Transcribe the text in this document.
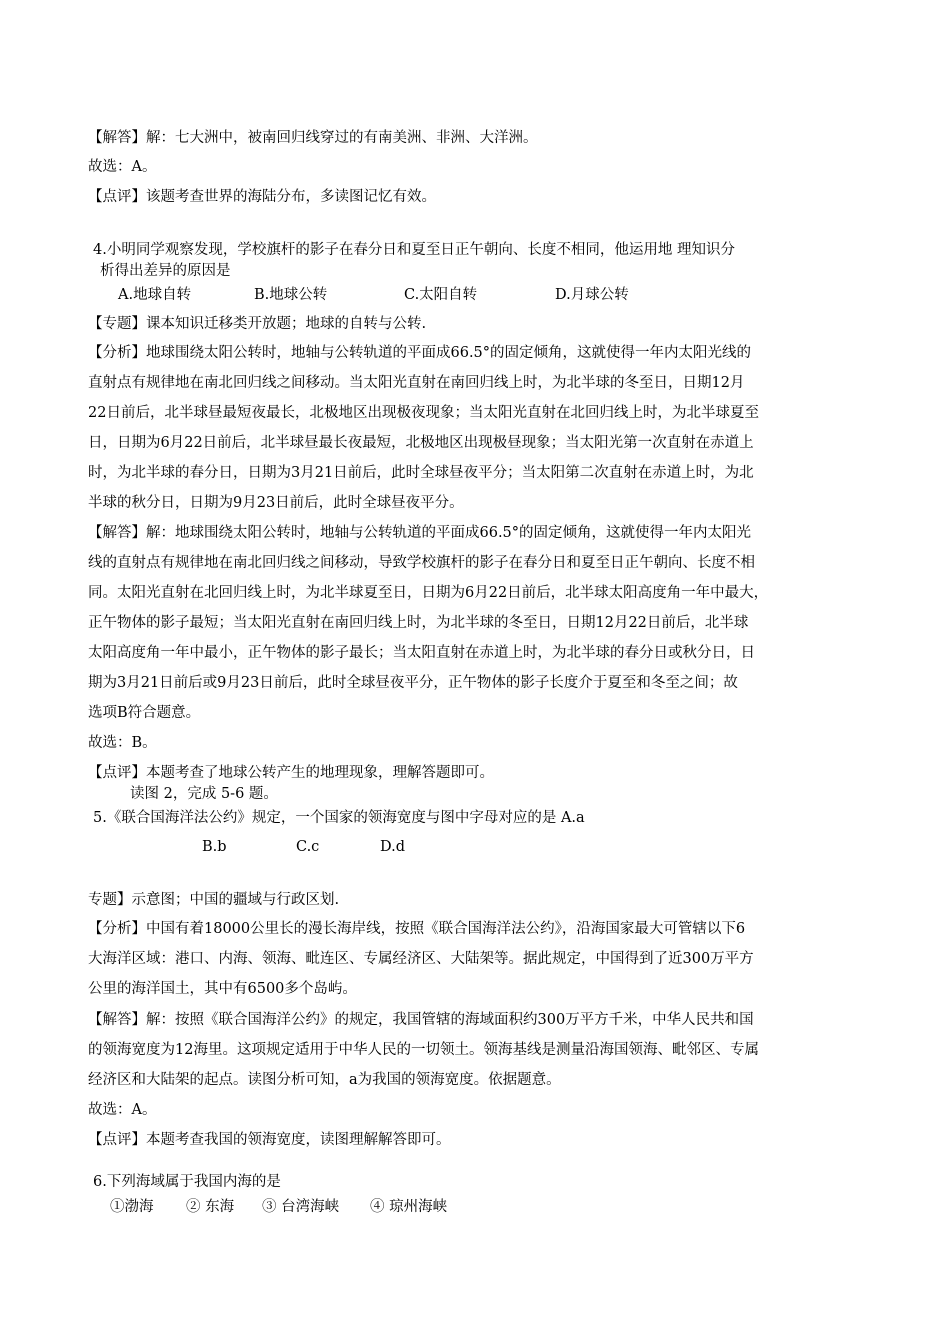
【解答】解：七大洲中，被南回归线穿过的有南美洲、非洲、大洋洲。
故选：A。
【点评】该题考查世界的海陆分布，多读图记忆有效。
4.小明同学观察发现，学校旗杆的影子在春分日和夏至日正午朝向、长度不相同，他运用地 理知识分
析得出差异的原因是
A.地球自转	B.地球公转	C.太阳自转	D.月球公转
【专题】课本知识迁移类开放题；地球的自转与公转.
【分析】地球围绕太阳公转时，地轴与公转轨道的平面成66.5°的固定倾角，这就使得一年内太阳光线的
直射点有规律地在南北回归线之间移动。当太阳光直射在南回归线上时，为北半球的冬至日，日期12月
22日前后，北半球昼最短夜最长，北极地区出现极夜现象；当太阳光直射在北回归线上时，为北半球夏至
日，日期为6月22日前后，北半球昼最长夜最短，北极地区出现极昼现象；当太阳光第一次直射在赤道上
时，为北半球的春分日，日期为3月21日前后，此时全球昼夜平分；当太阳第二次直射在赤道上时，为北
半球的秋分日，日期为9月23日前后，此时全球昼夜平分。
【解答】解：地球围绕太阳公转时，地轴与公转轨道的平面成66.5°的固定倾角，这就使得一年内太阳光
线的直射点有规律地在南北回归线之间移动，导致学校旗杆的影子在春分日和夏至日正午朝向、长度不相
同。太阳光直射在北回归线上时，为北半球夏至日，日期为6月22日前后，北半球太阳高度角一年中最大，
正午物体的影子最短；当太阳光直射在南回归线上时，为北半球的冬至日，日期12月22日前后，北半球
太阳高度角一年中最小，正午物体的影子最长；当太阳直射在赤道上时，为北半球的春分日或秋分日，日
期为3月21日前后或9月23日前后，此时全球昼夜平分，正午物体的影子长度介于夏至和冬至之间；故
选项B符合题意。
故选：B。
【点评】本题考查了地球公转产生的地理现象，理解答题即可。
读图 2，完成 5-6 题。
5.《联合国海洋法公约》规定，一个国家的领海宽度与图中字母对应的是 A.a
B.b	C.c	D.d
专题】示意图；中国的疆域与行政区划.
【分析】中国有着18000公里长的漫长海岸线，按照《联合国海洋法公约》，沿海国家最大可管辖以下6
大海洋区域：港口、内海、领海、毗连区、专属经济区、大陆架等。据此规定，中国得到了近300万平方
公里的海洋国土，其中有6500多个岛屿。
【解答】解：按照《联合国海洋公约》的规定，我国管辖的海域面积约300万平方千米，中华人民共和国
的领海宽度为12海里。这项规定适用于中华人民的一切领土。领海基线是测量沿海国领海、毗邻区、专属
经济区和大陆架的起点。读图分析可知，a为我国的领海宽度。依据题意。
故选：A。
【点评】本题考查我国的领海宽度，读图理解解答即可。
6.下列海域属于我国内海的是
①渤海 ② 东海 ③ 台湾海峡 ④ 琼州海峡
